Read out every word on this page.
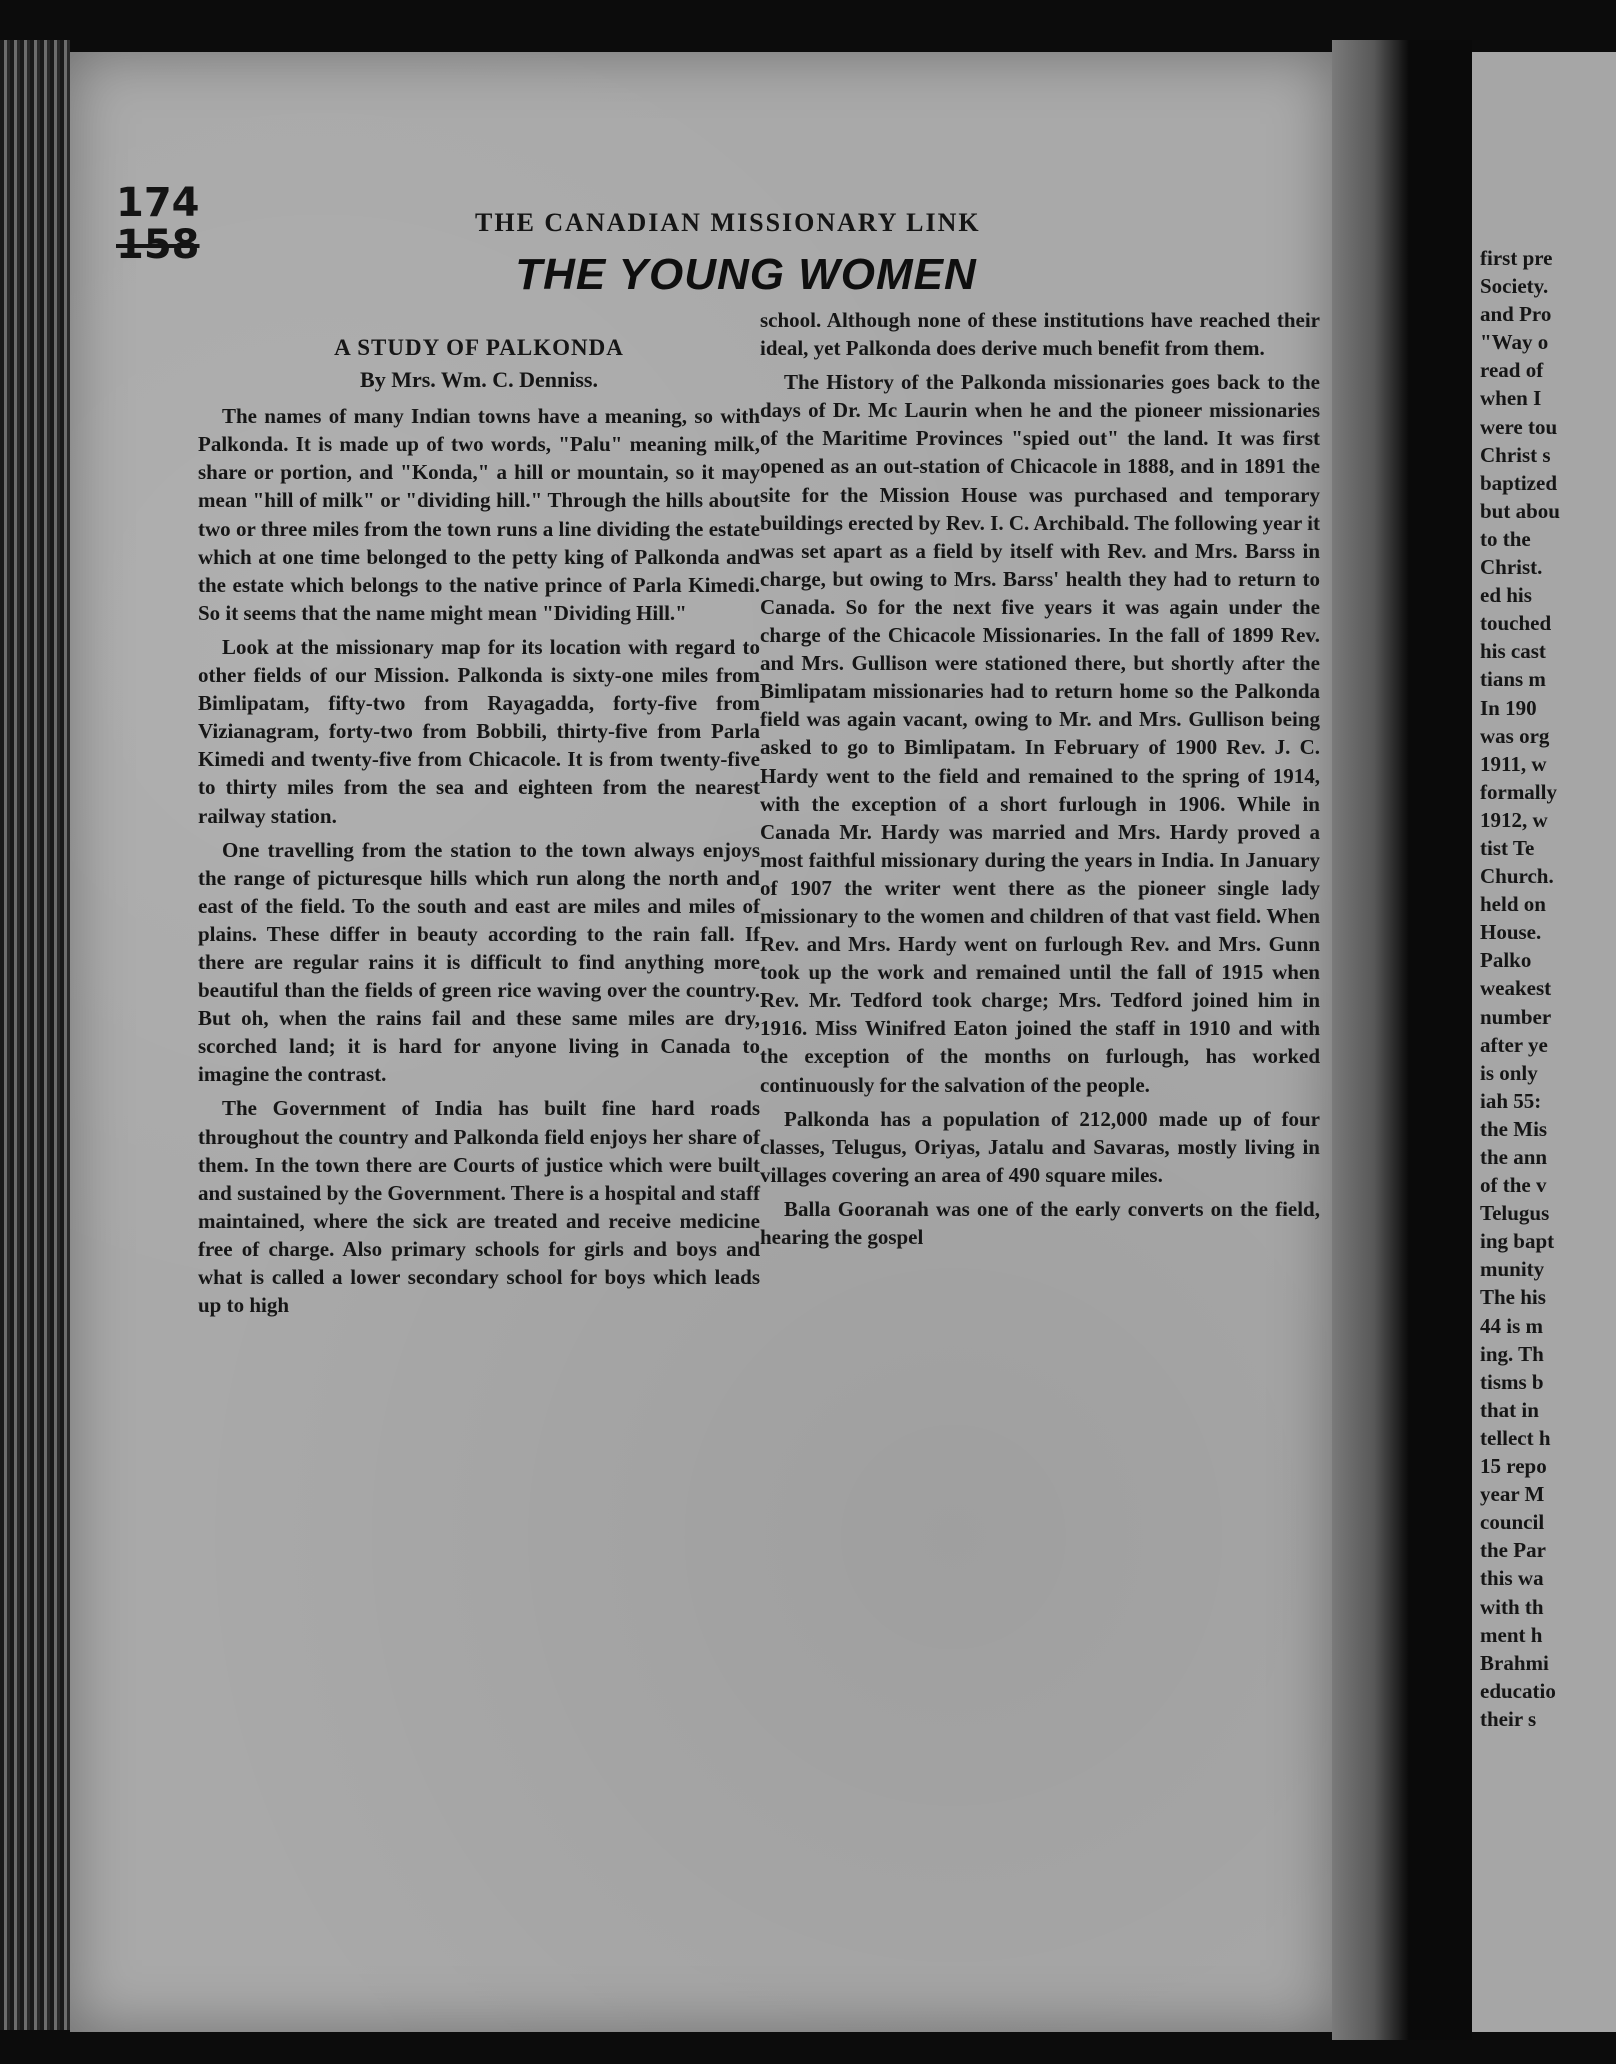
174
158	THE CANADIAN MISSIONARY LINK
THE YOUNG WOMEN
A STUDY OF PALKONDA
By Mrs. Wm. C. Denniss.

The names of many Indian towns have a meaning, so with Palkonda. It is made up of two words, "Palu" meaning milk, share or portion, and "Konda," a hill or mountain, so it may mean "hill of milk" or "dividing hill." Through the hills about two or three miles from the town runs a line dividing the estate which at one time belonged to the petty king of Palkonda and the estate which belongs to the native prince of Parla Kimedi. So it seems that the name might mean "Dividing Hill."

Look at the missionary map for its location with regard to other fields of our Mission. Palkonda is sixty-one miles from Bimlipatam, fifty-two from Rayagadda, forty-five from Vizianagram, forty-two from Bobbili, thirty-five from Parla Kimedi and twenty-five from Chicacole. It is from twenty-five to thirty miles from the sea and eighteen from the nearest railway station.

One travelling from the station to the town always enjoys the range of picturesque hills which run along the north and east of the field. To the south and east are miles and miles of plains. These differ in beauty according to the rain fall. If there are regular rains it is difficult to find anything more beautiful than the fields of green rice waving over the country. But oh, when the rains fail and these same miles are dry, scorched land; it is hard for anyone living in Canada to imagine the contrast.

The Government of India has built fine hard roads throughout the country and Palkonda field enjoys her share of them. In the town there are Courts of justice which were built and sustained by the Government. There is a hospital and staff maintained, where the sick are treated and receive medicine free of charge. Also primary schools for girls and boys and what is called a lower secondary school for boys which leads up to high

school. Although none of these institutions have reached their ideal, yet Palkonda does derive much benefit from them.

The History of the Palkonda missionaries goes back to the days of Dr. Mc Laurin when he and the pioneer missionaries of the Maritime Provinces "spied out" the land. It was first opened as an out-station of Chicacole in 1888, and in 1891 the site for the Mission House was purchased and temporary buildings erected by Rev. I. C. Archibald. The following year it was set apart as a field by itself with Rev. and Mrs. Barss in charge, but owing to Mrs. Barss' health they had to return to Canada. So for the next five years it was again under the charge of the Chicacole Missionaries. In the fall of 1899 Rev. and Mrs. Gullison were stationed there, but shortly after the Bimlipatam missionaries had to return home so the Palkonda field was again vacant, owing to Mr. and Mrs. Gullison being asked to go to Bimlipatam. In February of 1900 Rev. J. C. Hardy went to the field and remained to the spring of 1914, with the exception of a short furlough in 1906. While in Canada Mr. Hardy was married and Mrs. Hardy proved a most faithful missionary during the years in India. In January of 1907 the writer went there as the pioneer single lady missionary to the women and children of that vast field. When Rev. and Mrs. Hardy went on furlough Rev. and Mrs. Gunn took up the work and remained until the fall of 1915 when Rev. Mr. Tedford took charge; Mrs. Tedford joined him in 1916. Miss Winifred Eaton joined the staff in 1910 and with the exception of the months on furlough, has worked continuously for the salvation of the people.

Palkonda has a population of 212,000 made up of four classes, Telugus, Oriyas, Jatalu and Savaras, mostly living in villages covering an area of 490 square miles.

Balla Gooranah was one of the early converts on the field, hearing the gospel

first pre
Society.
and Pro
"Way o
read of
when I
were tou
Christ s
baptized
but abou
to the
Christ.
ed his
touched
his cast
tians m
In 190
was org
1911, w
formally
1912, w
tist Te
Church.
held on
House.
Palko
weakest
number
after ye
is only
iah 55:
the Mis
the ann
of the v
Telugus
ing bapt
munity
The his
44 is m
ing. Th
tisms b
that in
tellect h
15 repo
year M
council
the Par
this wa
with th
ment h
Brahmi
educatio
their s
